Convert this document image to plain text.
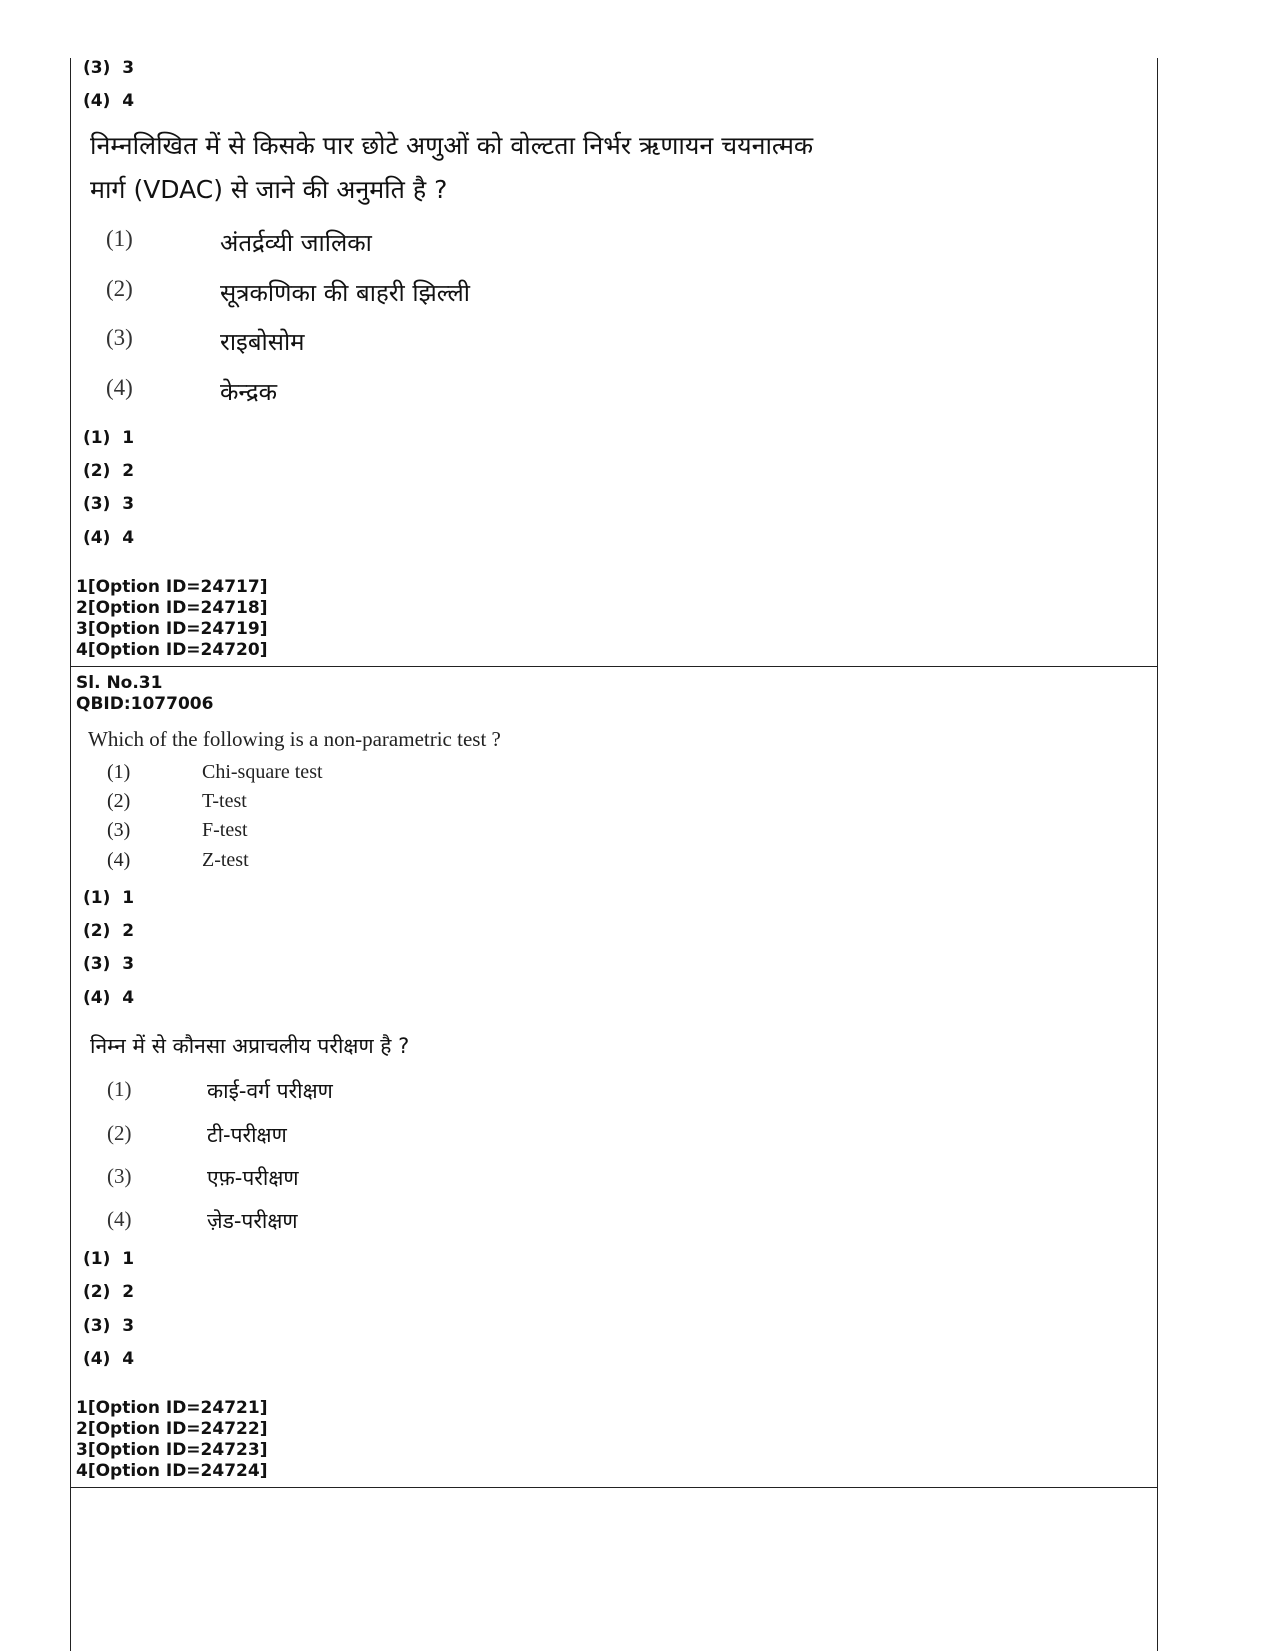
(3)  3
(4)  4
निम्नलिखित में से किसके पार छोटे अणुओं को वोल्टता निर्भर ऋणायन चयनात्मक
मार्ग (VDAC) से जाने की अनुमति है ?
(1)	अंतर्द्रव्यी जालिका
(2)	सूत्रकणिका की बाहरी झिल्ली
(3)	राइबोसोम
(4)	केन्द्रक
(1)  1
(2)  2
(3)  3
(4)  4
1[Option ID=24717]
2[Option ID=24718]
3[Option ID=24719]
4[Option ID=24720]
Sl. No.31
QBID:1077006
Which of the following is a non-parametric test ?
(1)	Chi-square test
(2)	T-test
(3)	F-test
(4)	Z-test
(1)  1
(2)  2
(3)  3
(4)  4
निम्न में से कौनसा अप्राचलीय परीक्षण है ?
(1)	काई-वर्ग परीक्षण
(2)	टी-परीक्षण
(3)	एफ़-परीक्षण
(4)	ज़ेड-परीक्षण
(1)  1
(2)  2
(3)  3
(4)  4
1[Option ID=24721]
2[Option ID=24722]
3[Option ID=24723]
4[Option ID=24724]
